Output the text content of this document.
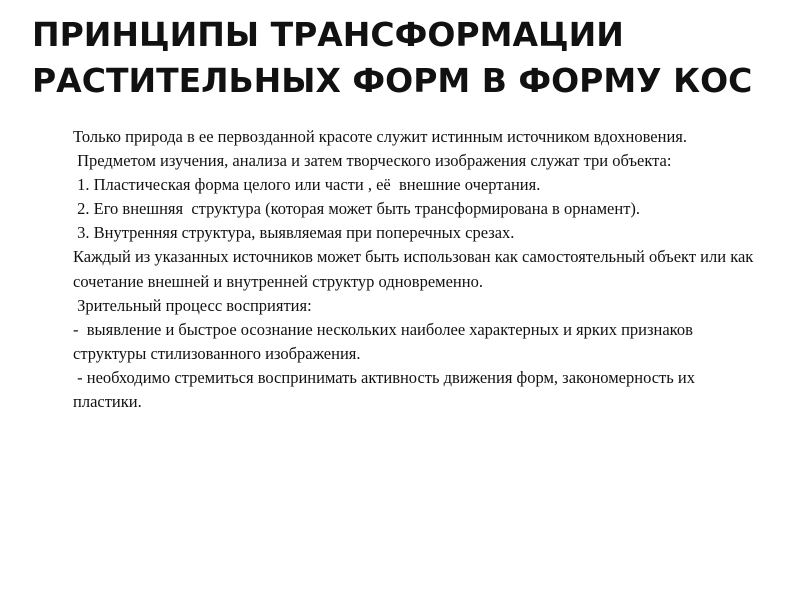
ПРИНЦИПЫ ТРАНСФОРМАЦИИ
РАСТИТЕЛЬНЫХ ФОРМ В ФОРМУ КОС

Только природа в ее первозданной красоте служит истинным источником вдохновения.

Предметом изучения, анализа и затем творческого изображения служат три объекта:

1. Пластическая форма целого или части , её  внешние очертания.

2. Его внешняя  структура (которая может быть трансформирована в орнамент).

3. Внутренняя структура, выявляемая при поперечных срезах.

Каждый из указанных источников может быть использован как самостоятельный объект или как сочетание внешней и внутренней структур одновременно.

Зрительный процесс восприятия:

-  выявление и быстрое осознание нескольких наиболее характерных и ярких признаков   структуры стилизованного изображения.

- необходимо стремиться воспринимать активность движения форм, закономерность их пластики.
